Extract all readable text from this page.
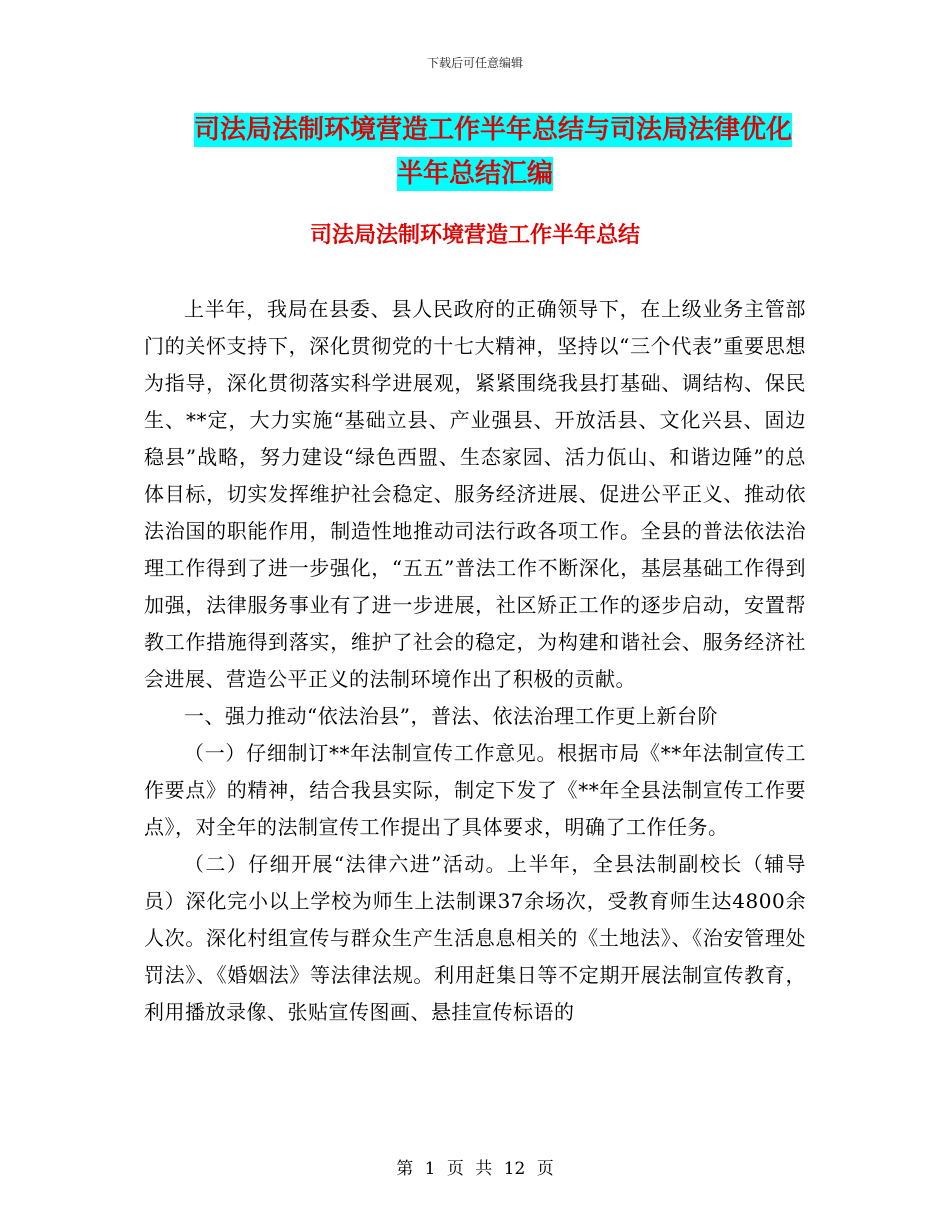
下载后可任意编辑
司法局法制环境营造工作半年总结与司法局法律优化
半年总结汇编
司法局法制环境营造工作半年总结

上半年，我局在县委、县人民政府的正确领导下，在上级业务主管部门的关怀支持下，深化贯彻党的十七大精神，坚持以“三个代表”重要思想为指导，深化贯彻落实科学进展观，紧紧围绕我县打基础、调结构、保民生、**定，大力实施“基础立县、产业强县、开放活县、文化兴县、固边稳县”战略，努力建设“绿色西盟、生态家园、活力佤山、和谐边陲”的总体目标，切实发挥维护社会稳定、服务经济进展、促进公平正义、推动依法治国的职能作用，制造性地推动司法行政各项工作。全县的普法依法治理工作得到了进一步强化，“五五”普法工作不断深化，基层基础工作得到加强，法律服务事业有了进一步进展，社区矫正工作的逐步启动，安置帮教工作措施得到落实，维护了社会的稳定，为构建和谐社会、服务经济社会进展、营造公平正义的法制环境作出了积极的贡献。

一、强力推动“依法治县”，普法、依法治理工作更上新台阶

（一）仔细制订**年法制宣传工作意见。根据市局《**年法制宣传工作要点》的精神，结合我县实际，制定下发了《**年全县法制宣传工作要点》，对全年的法制宣传工作提出了具体要求，明确了工作任务。

（二）仔细开展“法律六进”活动。上半年，全县法制副校长（辅导员）深化完小以上学校为师生上法制课37余场次，受教育师生达4800余人次。深化村组宣传与群众生产生活息息相关的《土地法》、《治安管理处罚法》、《婚姻法》等法律法规。利用赶集日等不定期开展法制宣传教育，利用播放录像、张贴宣传图画、悬挂宣传标语的

第 1 页 共 12 页
